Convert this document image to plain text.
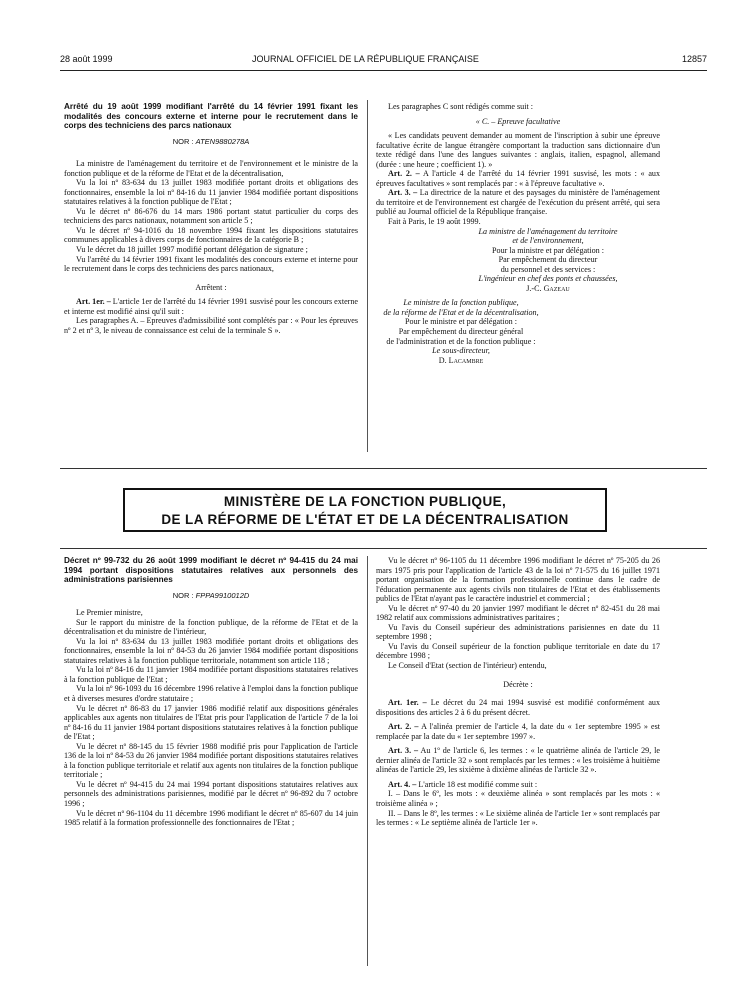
28 août 1999	JOURNAL OFFICIEL DE LA RÉPUBLIQUE FRANÇAISE	12857

Arrêté du 19 août 1999 modifiant l'arrêté du 14 février 1991 fixant les modalités des concours externe et interne pour le recrutement dans le corps des techniciens des parcs nationaux

NOR : ATEN9880278A

La ministre de l'aménagement du territoire et de l'environnement et le ministre de la fonction publique et de la réforme de l'Etat et de la décentralisation,

Vu la loi nº 83-634 du 13 juillet 1983 modifiée portant droits et obligations des fonctionnaires, ensemble la loi nº 84-16 du 11 janvier 1984 modifiée portant dispositions statutaires relatives à la fonction publique de l'Etat ;

Vu le décret nº 86-676 du 14 mars 1986 portant statut particulier du corps des techniciens des parcs nationaux, notamment son article 5 ;

Vu le décret nº 94-1016 du 18 novembre 1994 fixant les dispositions statutaires communes applicables à divers corps de fonctionnaires de la catégorie B ;

Vu le décret du 18 juillet 1997 modifié portant délégation de signature ;

Vu l'arrêté du 14 février 1991 fixant les modalités des concours externe et interne pour le recrutement dans le corps des techniciens des parcs nationaux,

Arrêtent :

Art. 1er. – L'article 1er de l'arrêté du 14 février 1991 susvisé pour les concours externe et interne est modifié ainsi qu'il suit :

Les paragraphes A. – Epreuves d'admissibilité sont complétés par : « Pour les épreuves nº 2 et nº 3, le niveau de connaissance est celui de la terminale S ».

Les paragraphes C sont rédigés comme suit :

« C. – Epreuve facultative

« Les candidats peuvent demander au moment de l'inscription à subir une épreuve facultative écrite de langue étrangère comportant la traduction sans dictionnaire d'un texte rédigé dans l'une des langues suivantes : anglais, italien, espagnol, allemand (durée : une heure ; coefficient 1). »

Art. 2. – A l'article 4 de l'arrêté du 14 février 1991 susvisé, les mots : « aux épreuves facultatives » sont remplacés par : « à l'épreuve facultative ».

Art. 3. – La directrice de la nature et des paysages du ministère de l'aménagement du territoire et de l'environnement est chargée de l'exécution du présent arrêté, qui sera publié au Journal officiel de la République française.

Fait à Paris, le 19 août 1999.

La ministre de l'aménagement du territoire
et de l'environnement,
Pour la ministre et par délégation :
Par empêchement du directeur
du personnel et des services :
L'ingénieur en chef des ponts et chaussées,
J.-C. Gazeau
Le ministre de la fonction publique,
de la réforme de l'Etat et de la décentralisation,
Pour le ministre et par délégation :
Par empêchement du directeur général
de l'administration et de la fonction publique :
Le sous-directeur,
D. Lacambre
MINISTÈRE DE LA FONCTION PUBLIQUE,
DE LA RÉFORME DE L'ÉTAT ET DE LA DÉCENTRALISATION

Décret nº 99-732 du 26 août 1999 modifiant le décret nº 94-415 du 24 mai 1994 portant dispositions statutaires relatives aux personnels des administrations parisiennes

NOR : FPPA9910012D

Le Premier ministre,

Sur le rapport du ministre de la fonction publique, de la réforme de l'Etat et de la décentralisation et du ministre de l'intérieur,

Vu la loi nº 83-634 du 13 juillet 1983 modifiée portant droits et obligations des fonctionnaires, ensemble la loi nº 84-53 du 26 janvier 1984 modifiée portant dispositions statutaires relatives à la fonction publique territoriale, notamment son article 118 ;

Vu la loi nº 84-16 du 11 janvier 1984 modifiée portant dispositions statutaires relatives à la fonction publique de l'Etat ;

Vu la loi nº 96-1093 du 16 décembre 1996 relative à l'emploi dans la fonction publique et à diverses mesures d'ordre statutaire ;

Vu le décret nº 86-83 du 17 janvier 1986 modifié relatif aux dispositions générales applicables aux agents non titulaires de l'Etat pris pour l'application de l'article 7 de la loi nº 84-16 du 11 janvier 1984 portant dispositions statutaires relatives à la fonction publique de l'Etat ;

Vu le décret nº 88-145 du 15 février 1988 modifié pris pour l'application de l'article 136 de la loi nº 84-53 du 26 janvier 1984 modifiée portant dispositions statutaires relatives à la fonction publique territoriale et relatif aux agents non titulaires de la fonction publique territoriale ;

Vu le décret nº 94-415 du 24 mai 1994 portant dispositions statutaires relatives aux personnels des administrations parisiennes, modifié par le décret nº 96-892 du 7 octobre 1996 ;

Vu le décret nº 96-1104 du 11 décembre 1996 modifiant le décret nº 85-607 du 14 juin 1985 relatif à la formation professionnelle des fonctionnaires de l'Etat ;

Vu le décret nº 96-1105 du 11 décembre 1996 modifiant le décret nº 75-205 du 26 mars 1975 pris pour l'application de l'article 43 de la loi nº 71-575 du 16 juillet 1971 portant organisation de la formation professionnelle continue dans le cadre de l'éducation permanente aux agents civils non titulaires de l'Etat et des établissements publics de l'Etat n'ayant pas le caractère industriel et commercial ;

Vu le décret nº 97-40 du 20 janvier 1997 modifiant le décret nº 82-451 du 28 mai 1982 relatif aux commissions administratives paritaires ;

Vu l'avis du Conseil supérieur des administrations parisiennes en date du 11 septembre 1998 ;

Vu l'avis du Conseil supérieur de la fonction publique territoriale en date du 17 décembre 1998 ;

Le Conseil d'Etat (section de l'intérieur) entendu,

Décrète :

Art. 1er. – Le décret du 24 mai 1994 susvisé est modifié conformément aux dispositions des articles 2 à 6 du présent décret.

Art. 2. – A l'alinéa premier de l'article 4, la date du « 1er septembre 1995 » est remplacée par la date du « 1er septembre 1997 ».

Art. 3. – Au 1º de l'article 6, les termes : « le quatrième alinéa de l'article 29, le dernier alinéa de l'article 32 » sont remplacés par les termes : « les troisième à huitième alinéas de l'article 29, les sixième à dixième alinéas de l'article 32 ».

Art. 4. – L'article 18 est modifié comme suit :

I. – Dans le 6º, les mots : « deuxième alinéa » sont remplacés par les mots : « troisième alinéa » ;

II. – Dans le 8º, les termes : « Le sixième alinéa de l'article 1er » sont remplacés par les termes : « Le septième alinéa de l'article 1er ».
